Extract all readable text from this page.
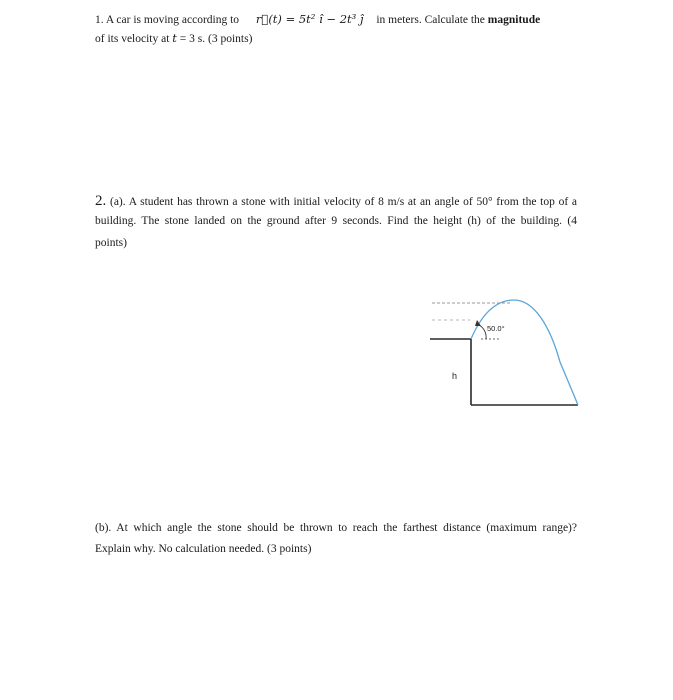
1. A car is moving according to r⃗(t) = 5t² î − 2t³ ĵ in meters. Calculate the magnitude
of its velocity at t = 3 s. (3 points)
2. (a). A student has thrown a stone with initial velocity of 8 m/s at an angle of 50° from the top of a
building. The stone landed on the ground after 9 seconds. Find the height (h) of the building. (4
points)
50.0°
h
(b). At which angle the stone should be thrown to reach the farthest distance (maximum range)?
Explain why. No calculation needed. (3 points)
